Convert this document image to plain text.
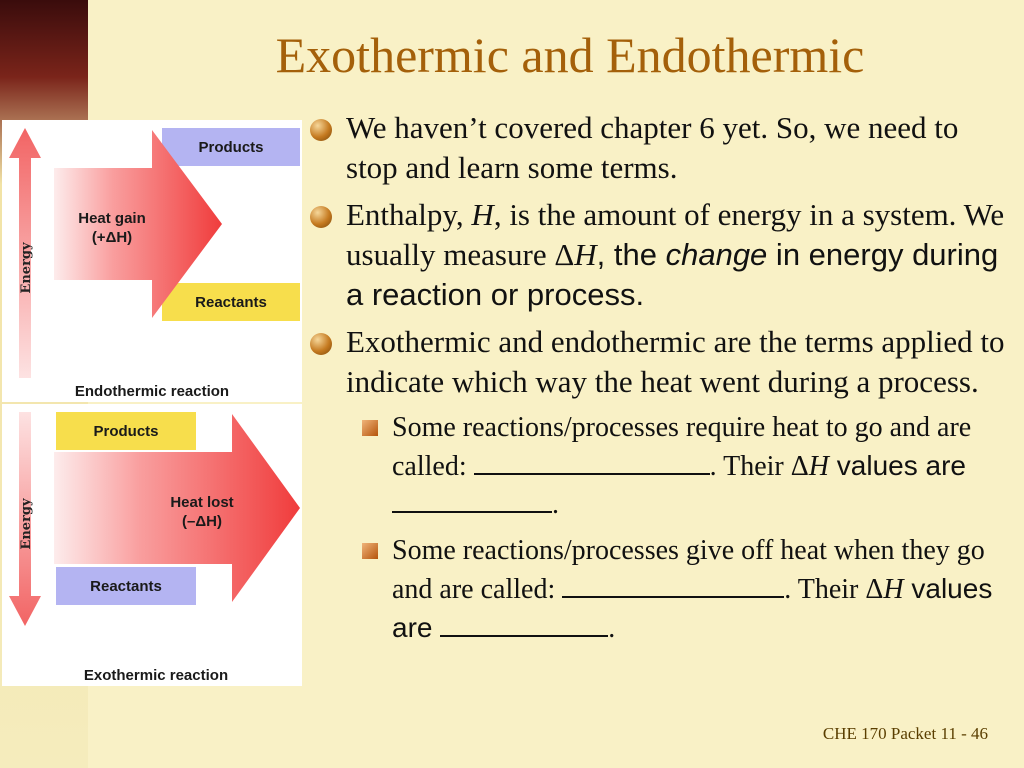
Exothermic and Endothermic
Energy
Products
Reactants
Heat gain
(+ΔH)
Endothermic reaction
Energy
Products
Reactants
Heat lost
(–ΔH)
Exothermic reaction
We haven’t covered chapter 6 yet. So, we need to stop and learn some terms.
Enthalpy, H, is the amount of energy in a system. We usually measure ΔH, the change in energy during a reaction or process.
Exothermic and endothermic are the terms applied to indicate which way the heat went during a process.
Some reactions/processes require heat to go and are called:	. Their ΔH values are .
Some reactions/processes give off heat when they go and are called:	. Their ΔH values are	.
CHE 170 Packet 11 - 46
